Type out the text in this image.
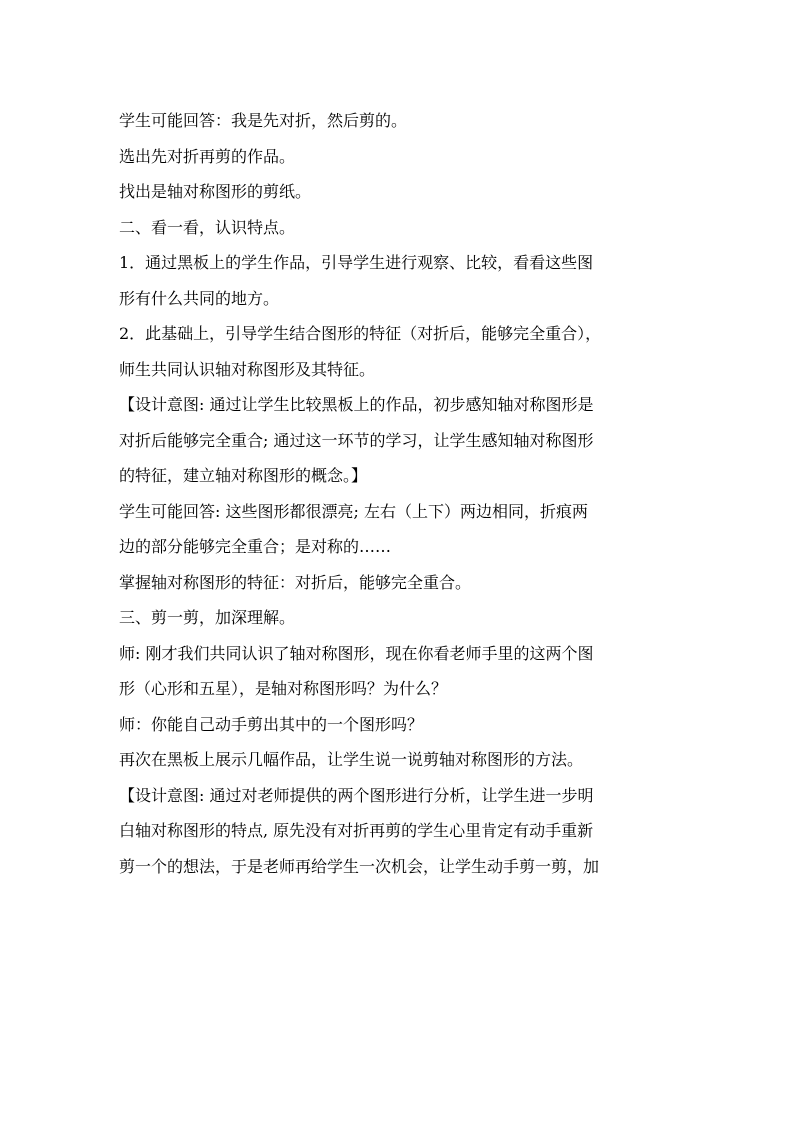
学生可能回答：我是先对折，然后剪的。
选出先对折再剪的作品。
找出是轴对称图形的剪纸。
二、看一看，认识特点。
1．通过黑板上的学生作品，引导学生进行观察、比较，看看这些图
形有什么共同的地方。
2．此基础上，引导学生结合图形的特征（对折后，能够完全重合），
师生共同认识轴对称图形及其特征。
【设计意图: 通过让学生比较黑板上的作品，初步感知轴对称图形是
对折后能够完全重合; 通过这一环节的学习，让学生感知轴对称图形
的特征，建立轴对称图形的概念。】
学生可能回答: 这些图形都很漂亮; 左右（上下）两边相同，折痕两
边的部分能够完全重合；是对称的……
掌握轴对称图形的特征：对折后，能够完全重合。
三、剪一剪，加深理解。
师: 刚才我们共同认识了轴对称图形，现在你看老师手里的这两个图
形（心形和五星），是轴对称图形吗？为什么？
师：你能自己动手剪出其中的一个图形吗？
再次在黑板上展示几幅作品，让学生说一说剪轴对称图形的方法。
【设计意图: 通过对老师提供的两个图形进行分析，让学生进一步明
白轴对称图形的特点, 原先没有对折再剪的学生心里肯定有动手重新
剪一个的想法，于是老师再给学生一次机会，让学生动手剪一剪，加
